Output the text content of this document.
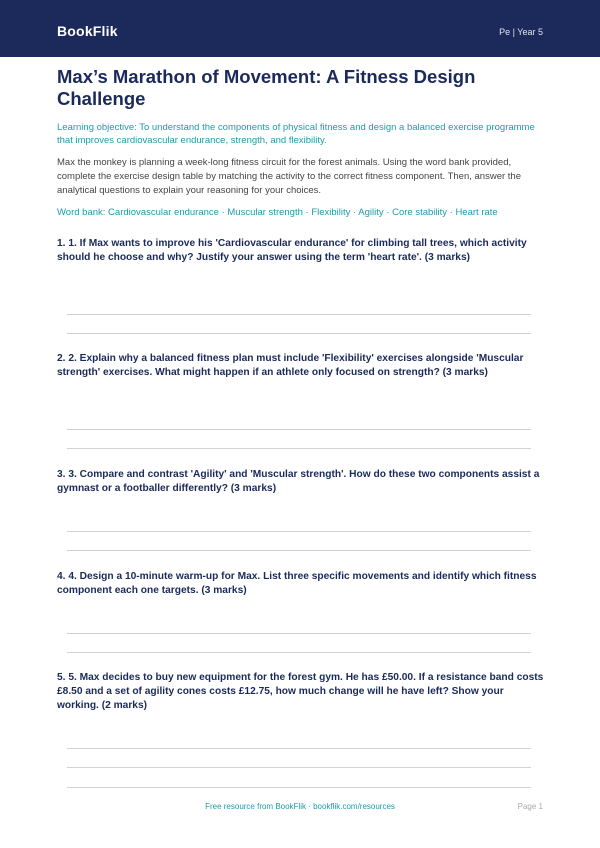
BookFlik	Pe | Year 5
Max’s Marathon of Movement: A Fitness Design Challenge
Learning objective: To understand the components of physical fitness and design a balanced exercise programme that improves cardiovascular endurance, strength, and flexibility.
Max the monkey is planning a week-long fitness circuit for the forest animals. Using the word bank provided, complete the exercise design table by matching the activity to the correct fitness component. Then, answer the analytical questions to explain your reasoning for your choices.
Word bank: Cardiovascular endurance · Muscular strength · Flexibility · Agility · Core stability · Heart rate
1. 1. If Max wants to improve his 'Cardiovascular endurance' for climbing tall trees, which activity should he choose and why? Justify your answer using the term 'heart rate'. (3 marks)
2. 2. Explain why a balanced fitness plan must include 'Flexibility' exercises alongside 'Muscular strength' exercises. What might happen if an athlete only focused on strength? (3 marks)
3. 3. Compare and contrast 'Agility' and 'Muscular strength'. How do these two components assist a gymnast or a footballer differently? (3 marks)
4. 4. Design a 10-minute warm-up for Max. List three specific movements and identify which fitness component each one targets. (3 marks)
5. 5. Max decides to buy new equipment for the forest gym. He has £50.00. If a resistance band costs £8.50 and a set of agility cones costs £12.75, how much change will he have left? Show your working. (2 marks)
Free resource from BookFlik · bookflik.com/resources	Page 1
